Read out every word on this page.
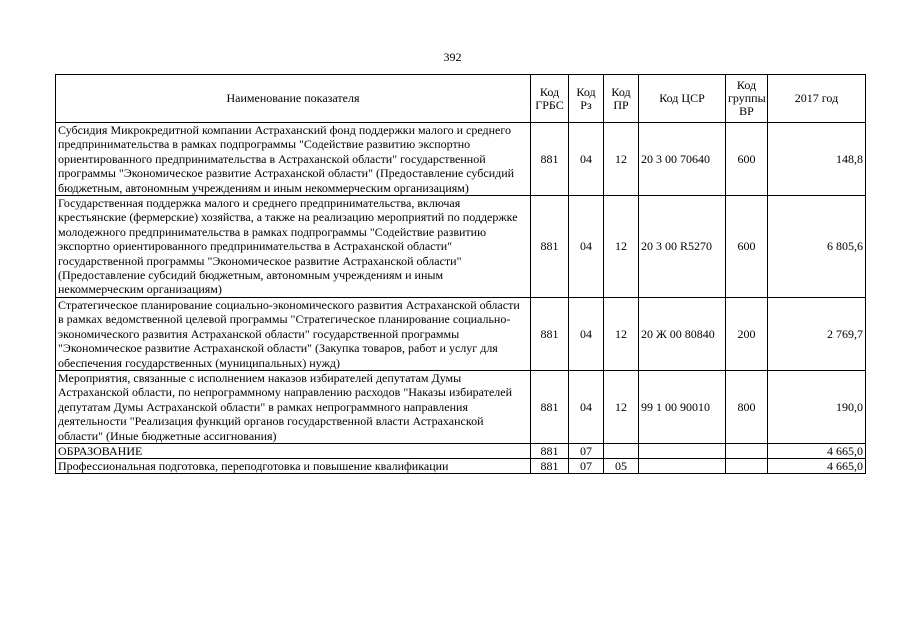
392
Наименование показателя	Код ГРБС	Код Рз	Код ПР	Код ЦСР	Код группы ВР	2017 год
Субсидия Микрокредитной компании Астраханский фонд поддержки малого и среднего предпринимательства в рамках подпрограммы "Содействие развитию экспортно ориентированного предпринимательства в Астраханской области" государственной программы "Экономическое развитие Астраханской области" (Предоставление субсидий бюджетным, автономным учреждениям и иным некоммерческим организациям)	881	04	12	20 3 00 70640	600	148,8
Государственная поддержка малого и среднего предпринимательства, включая крестьянские (фермерские) хозяйства, а также на реализацию мероприятий по поддержке молодежного предпринимательства в рамках подпрограммы "Содействие развитию экспортно ориентированного предпринимательства в Астраханской области" государственной программы "Экономическое развитие Астраханской области" (Предоставление субсидий бюджетным, автономным учреждениям и иным некоммерческим организациям)	881	04	12	20 3 00 R5270	600	6 805,6
Стратегическое планирование социально-экономического развития Астраханской области в рамках ведомственной целевой программы "Стратегическое планирование социально-экономического развития Астраханской области" государственной программы "Экономическое развитие Астраханской области" (Закупка товаров, работ и услуг для обеспечения государственных (муниципальных) нужд)	881	04	12	20 Ж 00 80840	200	2 769,7
Мероприятия, связанные с исполнением наказов избирателей депутатам Думы Астраханской области, по непрограммному направлению расходов "Наказы избирателей депутатам Думы Астраханской области" в рамках непрограммного направления деятельности "Реализация функций органов государственной власти Астраханской области" (Иные бюджетные ассигнования)	881	04	12	99 1 00 90010	800	190,0
ОБРАЗОВАНИЕ	881	07				4 665,0
Профессиональная подготовка, переподготовка и повышение квалификации	881	07	05			4 665,0
